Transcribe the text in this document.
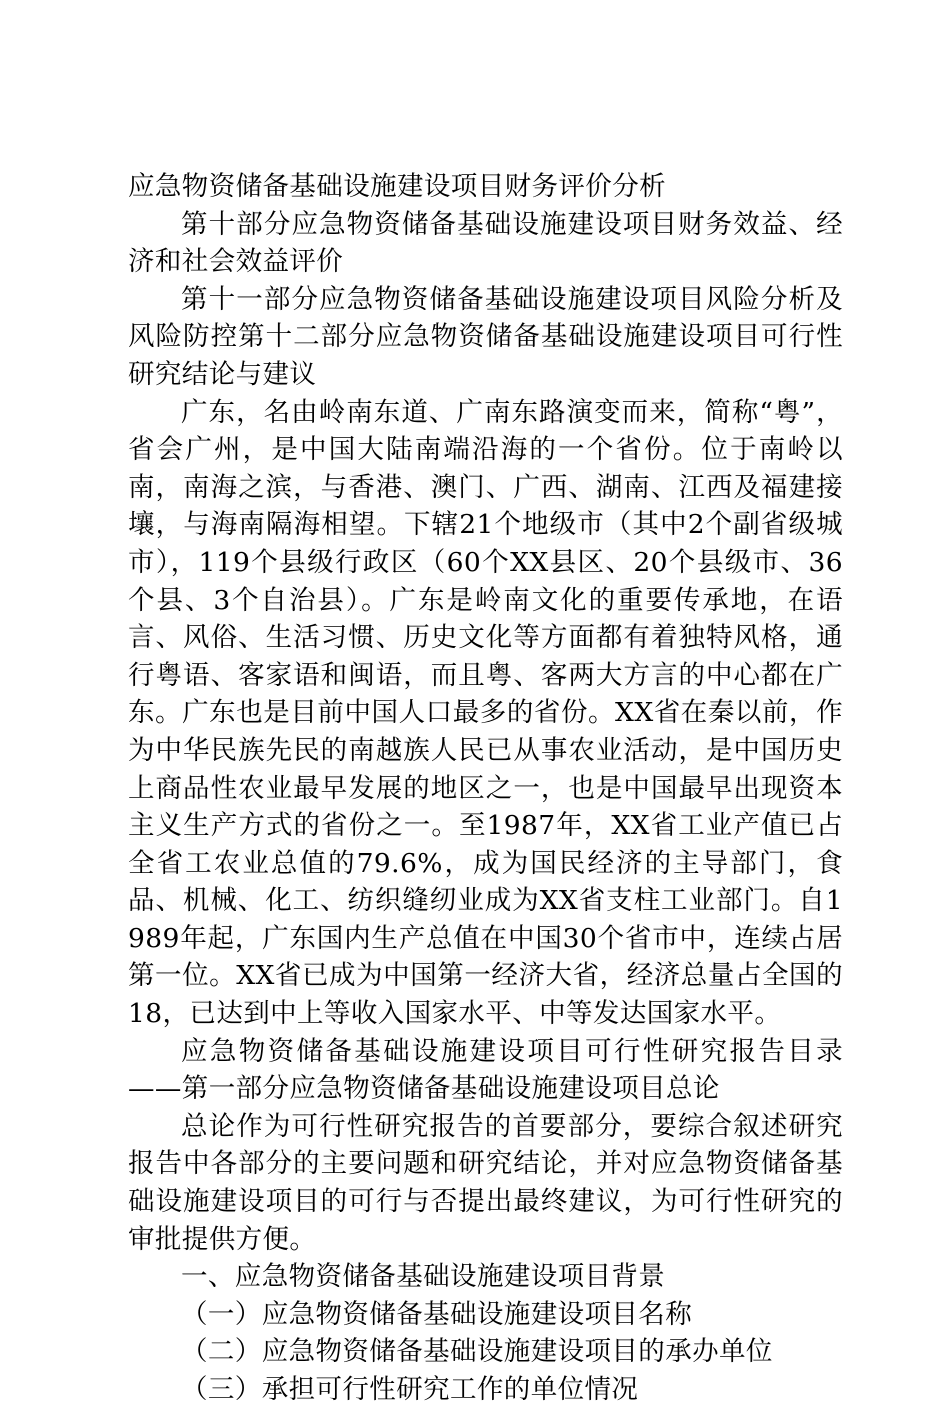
应急物资储备基础设施建设项目财务评价分析

第十部分应急物资储备基础设施建设项目财务效益、经济和社会效益评价

第十一部分应急物资储备基础设施建设项目风险分析及风险防控第十二部分应急物资储备基础设施建设项目可行性研究结论与建议

广东，名由岭南东道、广南东路演变而来，简称“粤”，省会广州，是中国大陆南端沿海的一个省份。位于南岭以南，南海之滨，与香港、澳门、广西、湖南、江西及福建接壤，与海南隔海相望。下辖21个地级市（其中2个副省级城市），119个县级行政区（60个XX县区、20个县级市、36个县、3个自治县）。广东是岭南文化的重要传承地，在语言、风俗、生活习惯、历史文化等方面都有着独特风格，通行粤语、客家语和闽语，而且粤、客两大方言的中心都在广东。广东也是目前中国人口最多的省份。XX省在秦以前，作为中华民族先民的南越族人民已从事农业活动，是中国历史上商品性农业最早发展的地区之一，也是中国最早出现资本主义生产方式的省份之一。至1987年，XX省工业产值已占全省工农业总值的79.6%，成为国民经济的主导部门，食品、机械、化工、纺织缝纫业成为XX省支柱工业部门。自1989年起，广东国内生产总值在中国30个省市中，连续占居第一位。XX省已成为中国第一经济大省，经济总量占全国的18，已达到中上等收入国家水平、中等发达国家水平。

应急物资储备基础设施建设项目可行性研究报告目录——第一部分应急物资储备基础设施建设项目总论

总论作为可行性研究报告的首要部分，要综合叙述研究报告中各部分的主要问题和研究结论，并对应急物资储备基础设施建设项目的可行与否提出最终建议，为可行性研究的审批提供方便。

一、应急物资储备基础设施建设项目背景

（一）应急物资储备基础设施建设项目名称

（二）应急物资储备基础设施建设项目的承办单位

（三）承担可行性研究工作的单位情况
